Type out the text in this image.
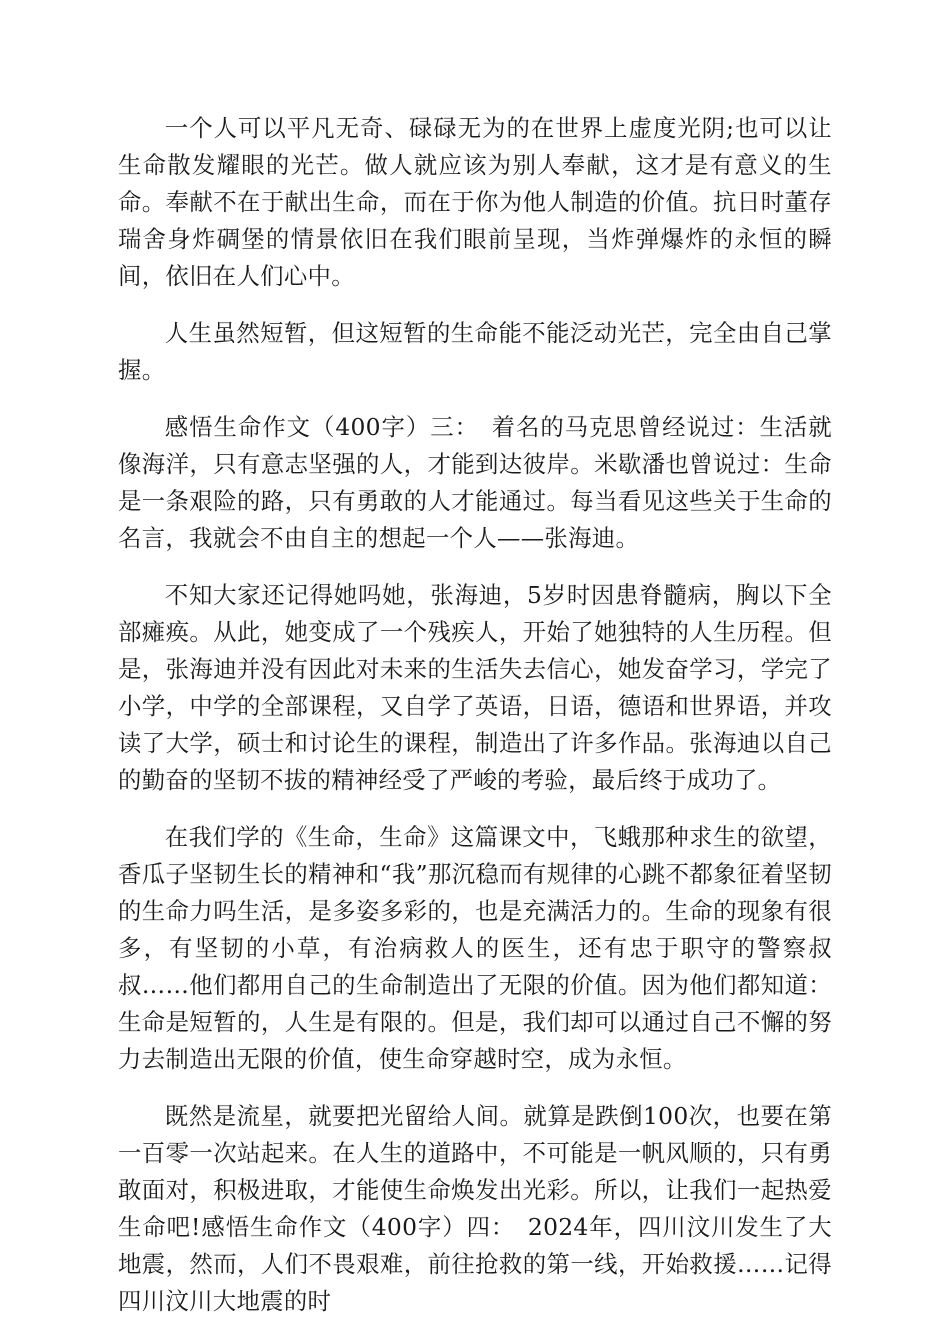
一个人可以平凡无奇、碌碌无为的在世界上虚度光阴;也可以让生命散发耀眼的光芒。做人就应该为别人奉献，这才是有意义的生命。奉献不在于献出生命，而在于你为他人制造的价值。抗日时董存瑞舍身炸碉堡的情景依旧在我们眼前呈现，当炸弹爆炸的永恒的瞬间，依旧在人们心中。

人生虽然短暂，但这短暂的生命能不能泛动光芒，完全由自己掌握。

感悟生命作文（400字）三：　着名的马克思曾经说过：生活就像海洋，只有意志坚强的人，才能到达彼岸。米歇潘也曾说过：生命是一条艰险的路，只有勇敢的人才能通过。每当看见这些关于生命的名言，我就会不由自主的想起一个人——张海迪。

不知大家还记得她吗她，张海迪，5岁时因患脊髓病，胸以下全部瘫痪。从此，她变成了一个残疾人，开始了她独特的人生历程。但是，张海迪并没有因此对未来的生活失去信心，她发奋学习，学完了小学，中学的全部课程，又自学了英语，日语，德语和世界语，并攻读了大学，硕士和讨论生的课程，制造出了许多作品。张海迪以自己的勤奋的坚韧不拔的精神经受了严峻的考验，最后终于成功了。

在我们学的《生命，生命》这篇课文中，飞蛾那种求生的欲望，香瓜子坚韧生长的精神和“我”那沉稳而有规律的心跳不都象征着坚韧的生命力吗生活，是多姿多彩的，也是充满活力的。生命的现象有很多，有坚韧的小草，有治病救人的医生，还有忠于职守的警察叔叔……他们都用自己的生命制造出了无限的价值。因为他们都知道：生命是短暂的，人生是有限的。但是，我们却可以通过自己不懈的努力去制造出无限的价值，使生命穿越时空，成为永恒。

既然是流星，就要把光留给人间。就算是跌倒100次，也要在第一百零一次站起来。在人生的道路中，不可能是一帆风顺的，只有勇敢面对，积极进取，才能使生命焕发出光彩。所以，让我们一起热爱生命吧!感悟生命作文（400字）四：　2024年，四川汶川发生了大地震，然而，人们不畏艰难，前往抢救的第一线，开始救援……记得四川汶川大地震的时
